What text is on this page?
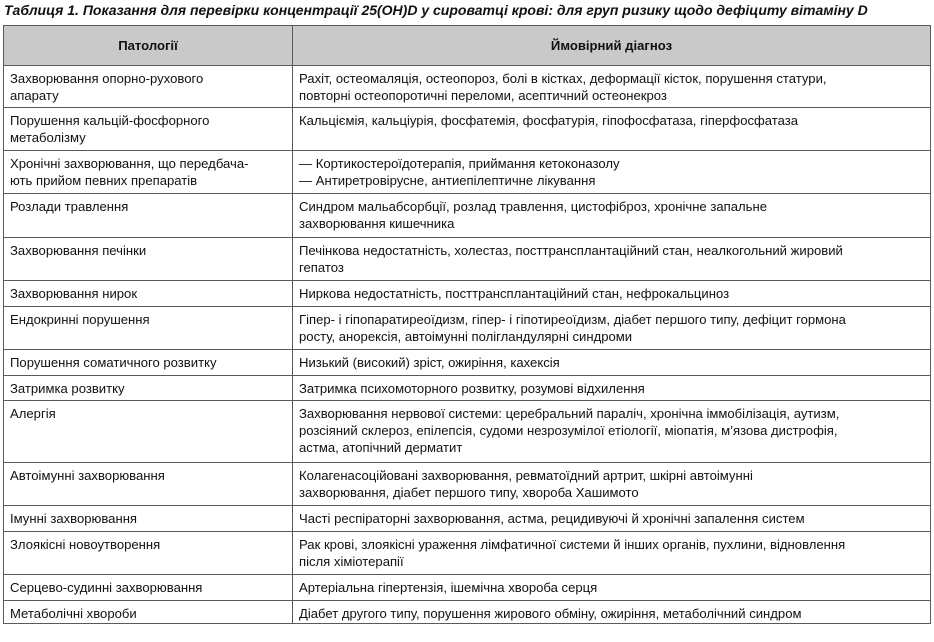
Таблиця 1. Показання для перевірки концентрації 25(ОН)D у сироватці крові: для груп ризику щодо дефіциту вітаміну D
Патології	Ймовірний діагноз

Захворювання опорно-рухового
апарату	Рахіт, остеомаляція, остеопороз, болі в кістках, деформації кісток, порушення статури,
повторні остеопоротичні переломи, асептичний остеонекроз

Порушення кальцій-фосфорного
метаболізму	Кальціємія, кальціурія, фосфатемія, фосфатурія, гіпофосфатаза, гіперфосфатаза

Хронічні захворювання, що передбача-
ють прийом певних препаратів	— Кортикостероїдотерапія, приймання кетоконазолу
— Антиретровірусне, антиепілептичне лікування

Розлади травлення	Синдром мальабсорбції, розлад травлення, цистофіброз, хронічне запальне
захворювання кишечника

Захворювання печінки	Печінкова недостатність, холестаз, посттрансплантаційний стан, неалкогольний жировий
гепатоз

Захворювання нирок	Ниркова недостатність, посттрансплантаційний стан, нефрокальциноз

Ендокринні порушення	Гіпер- і гіпопаратиреоїдизм, гіпер- і гіпотиреоїдизм, діабет першого типу, дефіцит гормона
росту, анорексія, автоімунні полігландулярні синдроми

Порушення соматичного розвитку	Низький (високий) зріст, ожиріння, кахексія

Затримка розвитку	Затримка психомоторного розвитку, розумові відхилення

Алергія	Захворювання нервової системи: церебральний параліч, хронічна іммобілізація, аутизм,
розсіяний склероз, епілепсія, судоми незрозумілої етіології, міопатія, м’язова дистрофія,
астма, атопічний дерматит

Автоімунні захворювання	Колагенасоційовані захворювання, ревматоїдний артрит, шкірні автоімунні
захворювання, діабет першого типу, хвороба Хашимото

Імунні захворювання	Часті респіраторні захворювання, астма, рецидивуючі й хронічні запалення систем

Злоякісні новоутворення	Рак крові, злоякісні ураження лімфатичної системи й інших органів, пухлини, відновлення
після хіміотерапії

Серцево-судинні захворювання	Артеріальна гіпертензія, ішемічна хвороба серця

Метаболічні хвороби	Діабет другого типу, порушення жирового обміну, ожиріння, метаболічний синдром
